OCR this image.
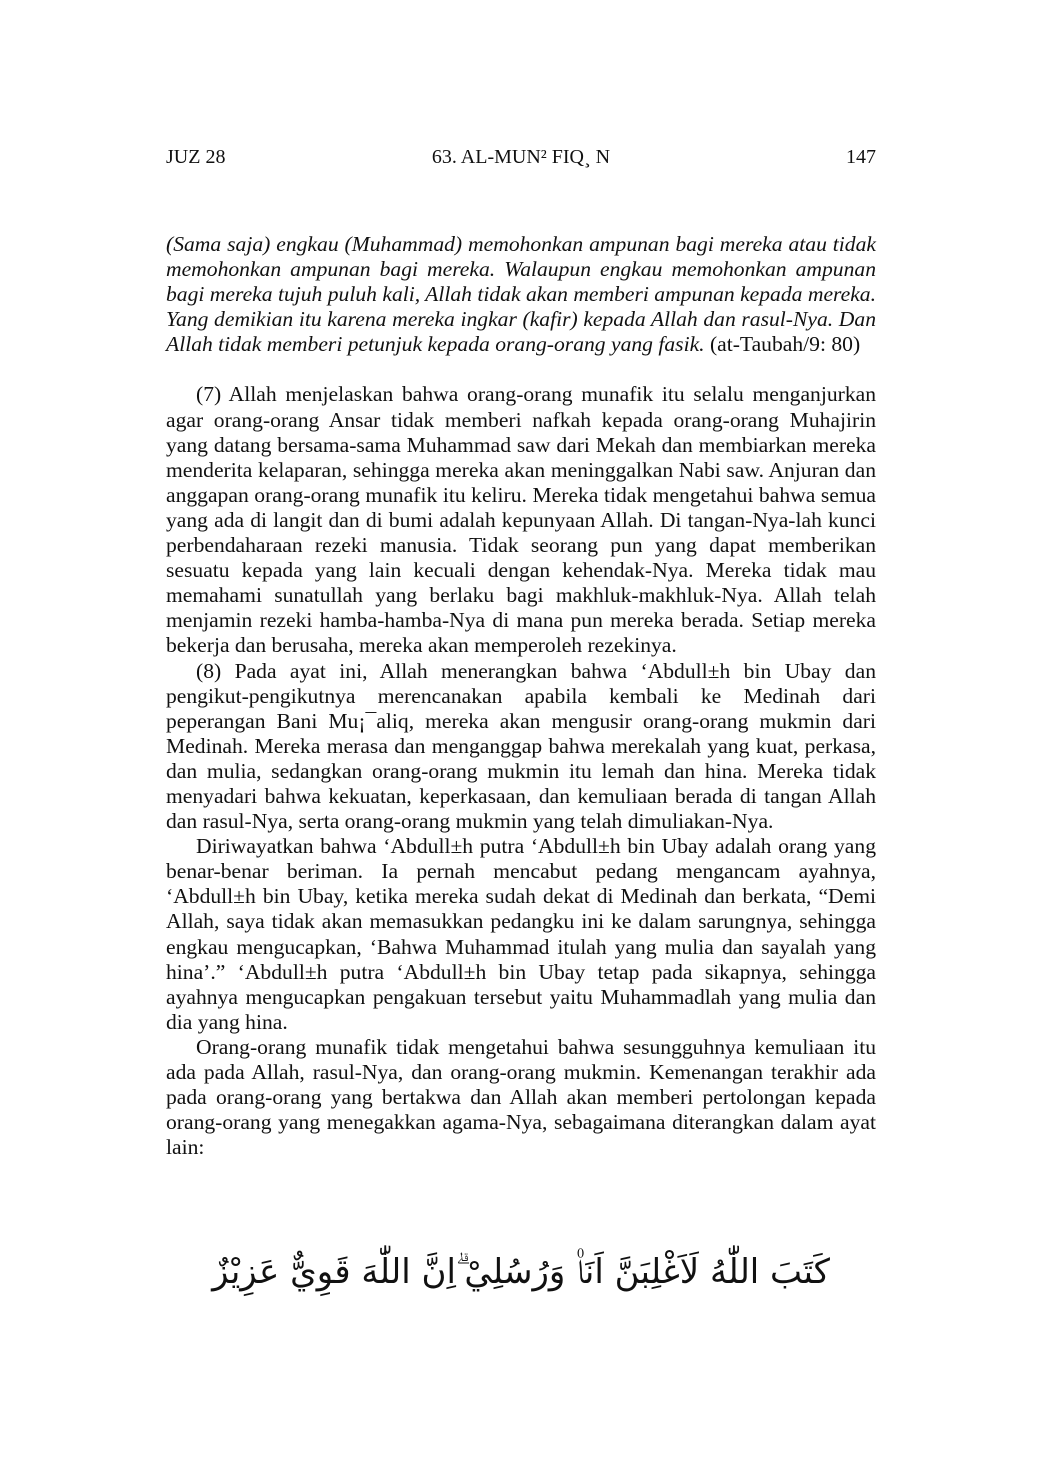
JUZ 28	63. AL-MUN² FIQ¸ N	147

(Sama saja) engkau (Muhammad) memohonkan ampunan bagi mereka atau tidak memohonkan ampunan bagi mereka. Walaupun engkau memohonkan ampunan bagi mereka tujuh puluh kali, Allah tidak akan memberi ampunan kepada mereka. Yang demikian itu karena mereka ingkar (kafir) kepada Allah dan rasul-Nya. Dan Allah tidak memberi petunjuk kepada orang-orang yang fasik. (at-Taubah/9: 80)

(7) Allah menjelaskan bahwa orang-orang munafik itu selalu menganjurkan agar orang-orang Ansar tidak memberi nafkah kepada orang-orang Muhajirin yang datang bersama-sama Muhammad saw dari Mekah dan membiarkan mereka menderita kelaparan, sehingga mereka akan meninggalkan Nabi saw. Anjuran dan anggapan orang-orang munafik itu keliru. Mereka tidak mengetahui bahwa semua yang ada di langit dan di bumi adalah kepunyaan Allah. Di tangan-Nya-lah kunci perbendaharaan rezeki manusia. Tidak seorang pun yang dapat memberikan sesuatu kepada yang lain kecuali dengan kehendak-Nya. Mereka tidak mau memahami sunatullah yang berlaku bagi makhluk-makhluk-Nya. Allah telah menjamin rezeki hamba-hamba-Nya di mana pun mereka berada. Setiap mereka bekerja dan berusaha, mereka akan memperoleh rezekinya.

(8) Pada ayat ini, Allah menerangkan bahwa ‘Abdull±h bin Ubay dan pengikut-pengikutnya merencanakan apabila kembali ke Medinah dari peperangan Bani Mu¡¯aliq, mereka akan mengusir orang-orang mukmin dari Medinah. Mereka merasa dan menganggap bahwa merekalah yang kuat, perkasa, dan mulia, sedangkan orang-orang mukmin itu lemah dan hina. Mereka tidak menyadari bahwa kekuatan, keperkasaan, dan kemuliaan berada di tangan Allah dan rasul-Nya, serta orang-orang mukmin yang telah dimuliakan-Nya.

Diriwayatkan bahwa ‘Abdull±h putra ‘Abdull±h bin Ubay adalah orang yang benar-benar beriman. Ia pernah mencabut pedang mengancam ayahnya, ‘Abdull±h bin Ubay, ketika mereka sudah dekat di Medinah dan berkata, “Demi Allah, saya tidak akan memasukkan pedangku ini ke dalam sarungnya, sehingga engkau mengucapkan, ‘Bahwa Muhammad itulah yang mulia dan sayalah yang hina’.” ‘Abdull±h putra ‘Abdull±h bin Ubay tetap pada sikapnya, sehingga ayahnya mengucapkan pengakuan tersebut yaitu Muhammadlah yang mulia dan dia yang hina.

Orang-orang munafik tidak mengetahui bahwa sesungguhnya kemuliaan itu ada pada Allah, rasul-Nya, dan orang-orang mukmin. Kemenangan terakhir ada pada orang-orang yang bertakwa dan Allah akan memberi pertolongan kepada orang-orang yang menegakkan agama-Nya, sebagaimana diterangkan dalam ayat lain:

كَتَبَ اللّٰهُ لَاَغْلِبَنَّ اَنَا۠ وَرُسُلِيْ ۗاِنَّ اللّٰهَ قَوِيٌّ عَزِيْزٌ
